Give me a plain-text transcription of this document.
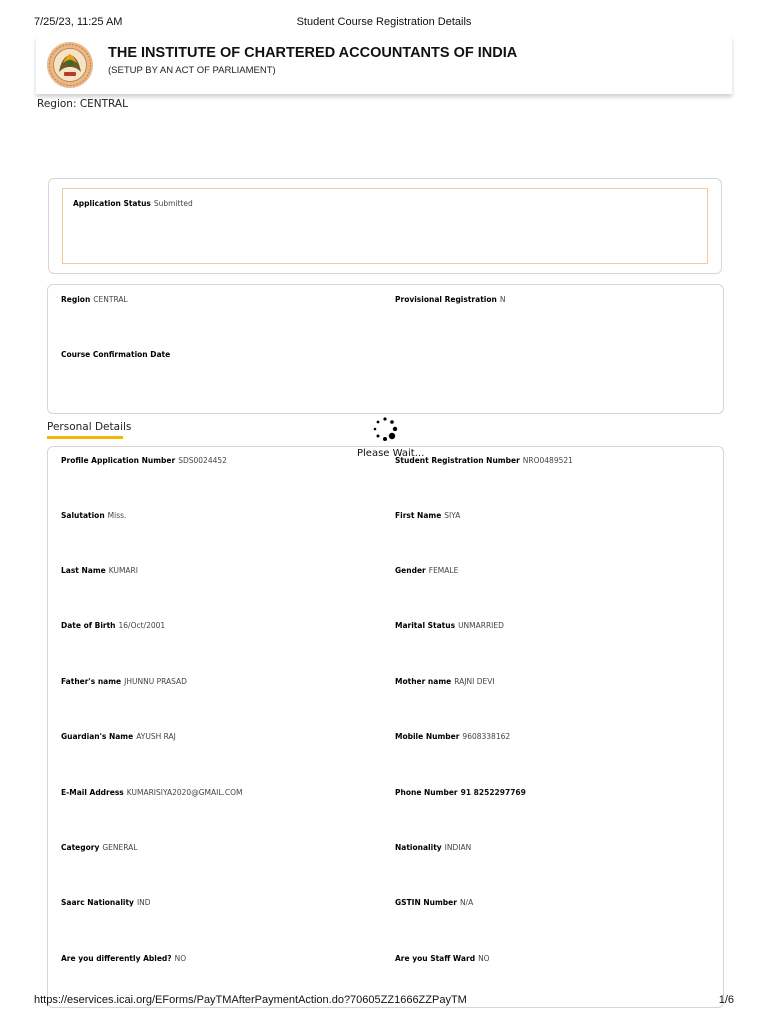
7/25/23, 11:25 AM	Student Course Registration Details
THE INSTITUTE OF CHARTERED ACCOUNTANTS OF INDIA
(SETUP BY AN ACT OF PARLIAMENT)
Region: CENTRAL
Application Status Submitted
Region CENTRAL	Provisional Registration N
Course Confirmation Date
Personal Details
Profile Application Number SDS0024452	Student Registration Number NRO0489521
Salutation Miss.	First Name SIYA
Last Name KUMARI	Gender FEMALE
Date of Birth 16/Oct/2001	Marital Status UNMARRIED
Father's name JHUNNU PRASAD	Mother name RAJNI DEVI
Guardian's Name AYUSH RAJ	Mobile Number 9608338162
E-Mail Address KUMARISIYA2020@GMAIL.COM	Phone Number 91 8252297769
Category GENERAL	Nationality INDIAN
Saarc Nationality IND	GSTIN Number N/A
Are you differently Abled? NO	Are you Staff Ward NO
Please Wait...
https://eservices.icai.org/EForms/PayTMAfterPaymentAction.do?70605ZZ1666ZZPayTM	1/6
